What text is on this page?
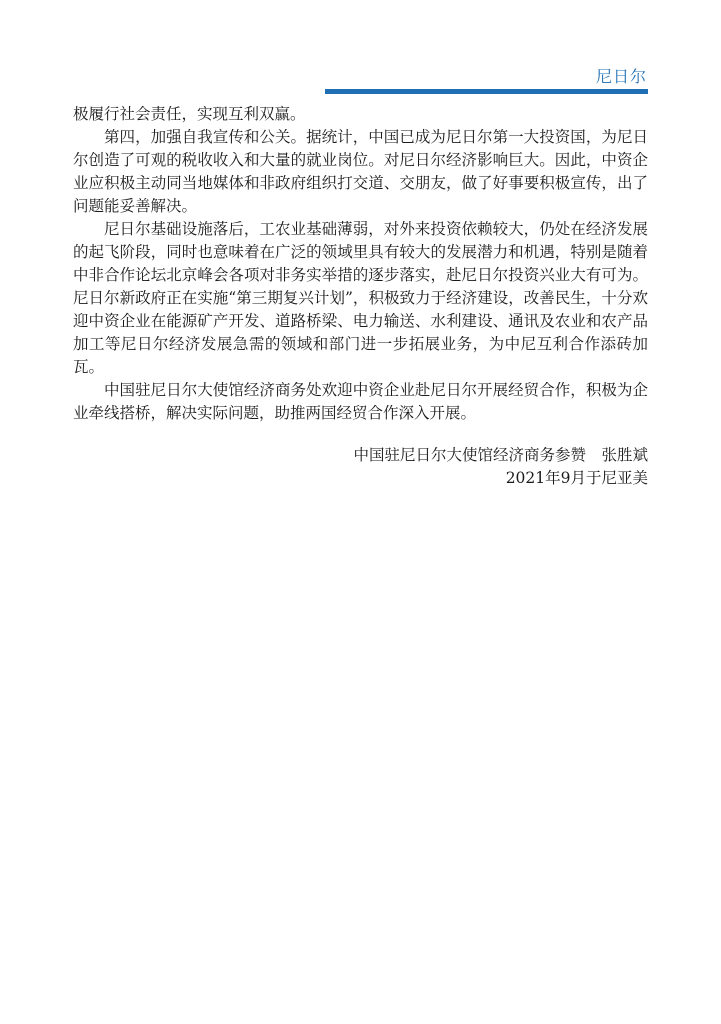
尼日尔

极履行社会责任，实现互利双赢。

第四，加强自我宣传和公关。据统计，中国已成为尼日尔第一大投资国，为尼日尔创造了可观的税收收入和大量的就业岗位。对尼日尔经济影响巨大。因此，中资企业应积极主动同当地媒体和非政府组织打交道、交朋友，做了好事要积极宣传，出了问题能妥善解决。

尼日尔基础设施落后，工农业基础薄弱，对外来投资依赖较大，仍处在经济发展的起飞阶段，同时也意味着在广泛的领域里具有较大的发展潜力和机遇，特别是随着中非合作论坛北京峰会各项对非务实举措的逐步落实，赴尼日尔投资兴业大有可为。尼日尔新政府正在实施“第三期复兴计划”，积极致力于经济建设，改善民生，十分欢迎中资企业在能源矿产开发、道路桥梁、电力输送、水利建设、通讯及农业和农产品加工等尼日尔经济发展急需的领域和部门进一步拓展业务，为中尼互利合作添砖加瓦。

中国驻尼日尔大使馆经济商务处欢迎中资企业赴尼日尔开展经贸合作，积极为企业牵线搭桥，解决实际问题，助推两国经贸合作深入开展。

中国驻尼日尔大使馆经济商务参赞　张胜斌
2021年9月于尼亚美
